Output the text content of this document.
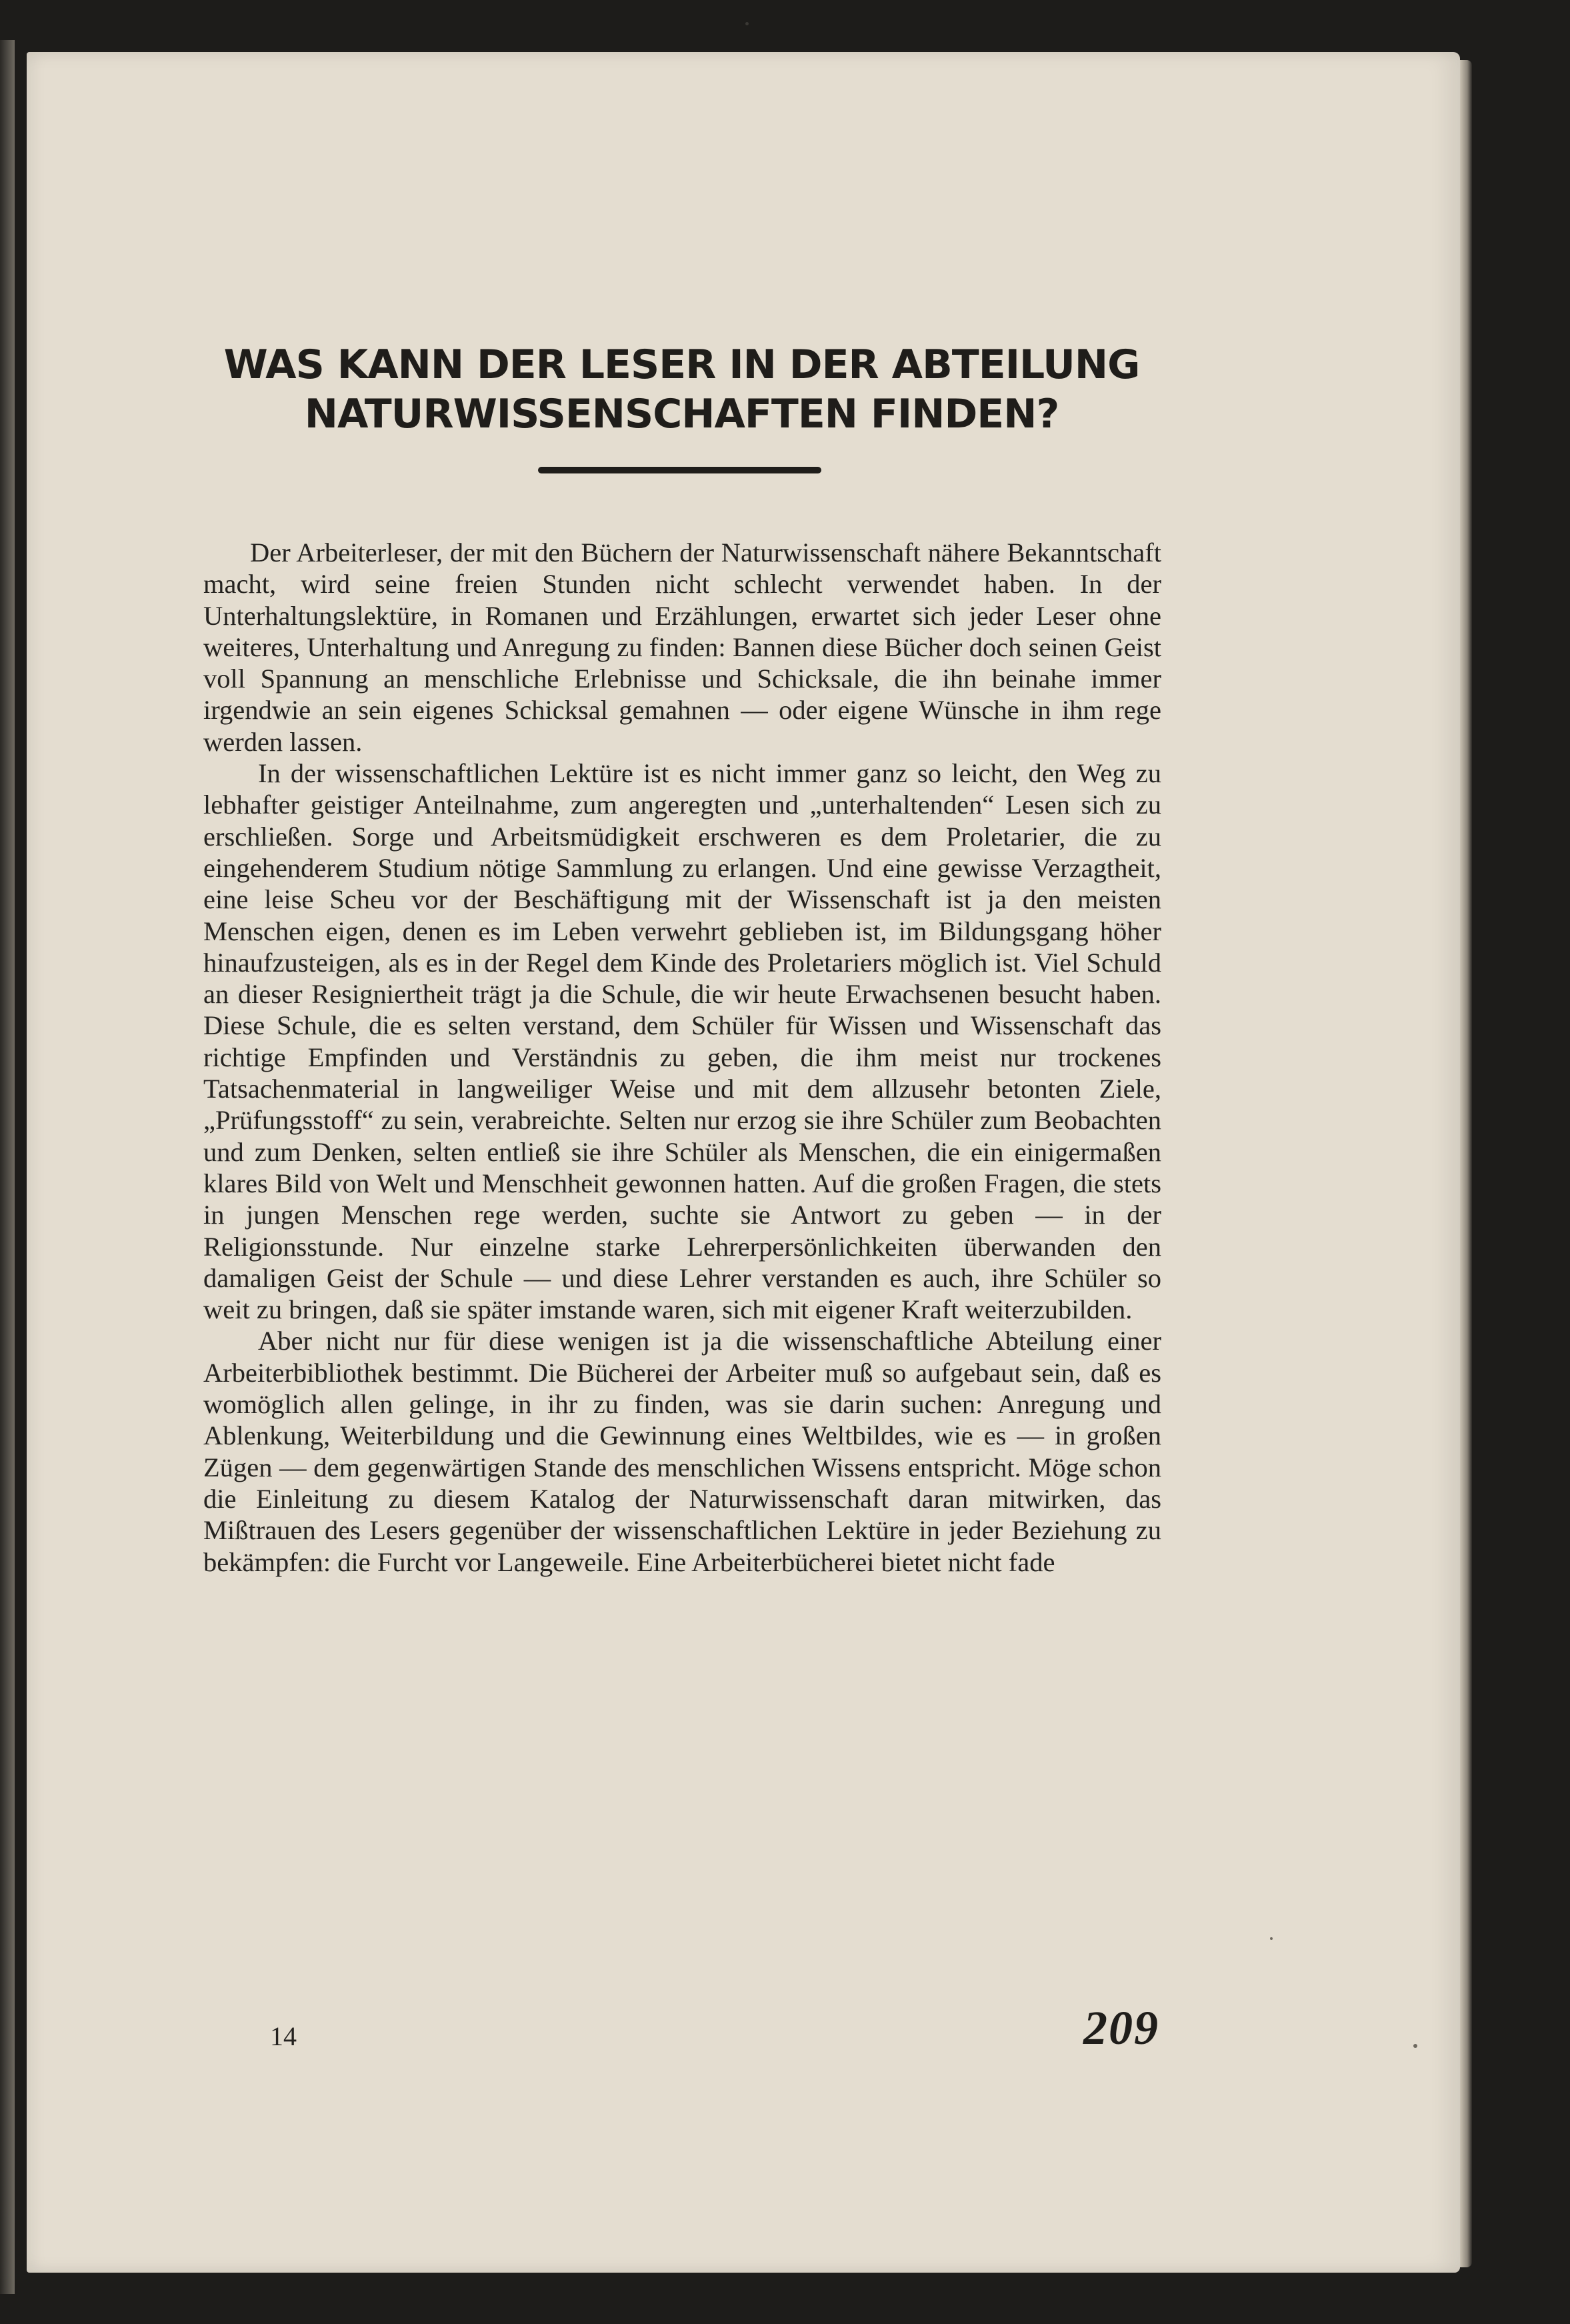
WAS KANN DER LESER IN DER ABTEILUNG
NATURWISSENSCHAFTEN FINDEN?

Der Arbeiterleser, der mit den Büchern der Naturwissenschaft nähere Bekanntschaft macht, wird seine freien Stunden nicht schlecht verwendet haben. In der Unterhaltungslektüre, in Romanen und Erzählungen, erwartet sich jeder Leser ohne weiteres, Unterhaltung und Anregung zu finden: Bannen diese Bücher doch seinen Geist voll Spannung an menschliche Erlebnisse und Schicksale, die ihn beinahe immer irgendwie an sein eigenes Schicksal gemahnen — oder eigene Wünsche in ihm rege werden lassen.

In der wissenschaftlichen Lektüre ist es nicht immer ganz so leicht, den Weg zu lebhafter geistiger Anteilnahme, zum angeregten und „unterhaltenden“ Lesen sich zu erschließen. Sorge und Arbeitsmüdigkeit erschweren es dem Proletarier, die zu eingehenderem Studium nötige Sammlung zu erlangen. Und eine gewisse Verzagtheit, eine leise Scheu vor der Beschäftigung mit der Wissenschaft ist ja den meisten Menschen eigen, denen es im Leben verwehrt geblieben ist, im Bildungsgang höher hinaufzusteigen, als es in der Regel dem Kinde des Proletariers möglich ist. Viel Schuld an dieser Resigniertheit trägt ja die Schule, die wir heute Erwachsenen besucht haben. Diese Schule, die es selten verstand, dem Schüler für Wissen und Wissenschaft das richtige Empfinden und Verständnis zu geben, die ihm meist nur trockenes Tatsachenmaterial in langweiliger Weise und mit dem allzusehr betonten Ziele, „Prüfungsstoff“ zu sein, verabreichte. Selten nur erzog sie ihre Schüler zum Beobachten und zum Denken, selten entließ sie ihre Schüler als Menschen, die ein einigermaßen klares Bild von Welt und Menschheit gewonnen hatten. Auf die großen Fragen, die stets in jungen Menschen rege werden, suchte sie Antwort zu geben — in der Religionsstunde. Nur einzelne starke Lehrerpersönlichkeiten überwanden den damaligen Geist der Schule — und diese Lehrer verstanden es auch, ihre Schüler so weit zu bringen, daß sie später imstande waren, sich mit eigener Kraft weiterzubilden.

Aber nicht nur für diese wenigen ist ja die wissenschaftliche Abteilung einer Arbeiterbibliothek bestimmt. Die Bücherei der Arbeiter muß so aufgebaut sein, daß es womöglich allen gelinge, in ihr zu finden, was sie darin suchen: Anregung und Ablenkung, Weiterbildung und die Gewinnung eines Weltbildes, wie es — in großen Zügen — dem gegenwärtigen Stande des menschlichen Wissens entspricht. Möge schon die Einleitung zu diesem Katalog der Naturwissenschaft daran mitwirken, das Mißtrauen des Lesers gegenüber der wissenschaftlichen Lektüre in jeder Beziehung zu bekämpfen: die Furcht vor Langeweile. Eine Arbeiterbücherei bietet nicht fade

14	209
